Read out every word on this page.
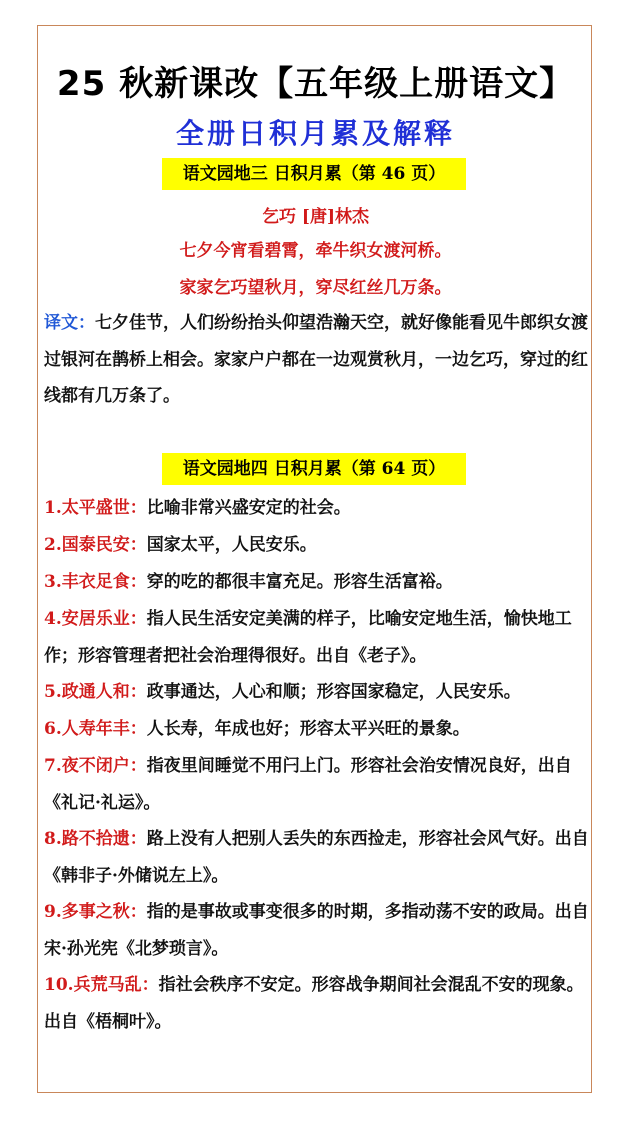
25 秋新课改【五年级上册语文】
全册日积月累及解释
语文园地三 日积月累（第 46 页）
乞巧 [唐]林杰
七夕今宵看碧霄，牵牛织女渡河桥。
家家乞巧望秋月，穿尽红丝几万条。
译文：七夕佳节，人们纷纷抬头仰望浩瀚天空，就好像能看见牛郎织女渡过银河在鹊桥上相会。家家户户都在一边观赏秋月，一边乞巧，穿过的红线都有几万条了。
语文园地四 日积月累（第 64 页）
1.太平盛世：比喻非常兴盛安定的社会。
2.国泰民安：国家太平，人民安乐。
3.丰衣足食：穿的吃的都很丰富充足。形容生活富裕。
4.安居乐业：指人民生活安定美满的样子，比喻安定地生活，愉快地工作；形容管理者把社会治理得很好。出自《老子》。
5.政通人和：政事通达，人心和顺；形容国家稳定，人民安乐。
6.人寿年丰：人长寿，年成也好；形容太平兴旺的景象。
7.夜不闭户：指夜里间睡觉不用闩上门。形容社会治安情况良好，出自《礼记·礼运》。
8.路不拾遗：路上没有人把别人丢失的东西捡走，形容社会风气好。出自《韩非子·外储说左上》。
9.多事之秋：指的是事故或事变很多的时期，多指动荡不安的政局。出自宋·孙光宪《北梦琐言》。
10.兵荒马乱：指社会秩序不安定。形容战争期间社会混乱不安的现象。出自《梧桐叶》。
